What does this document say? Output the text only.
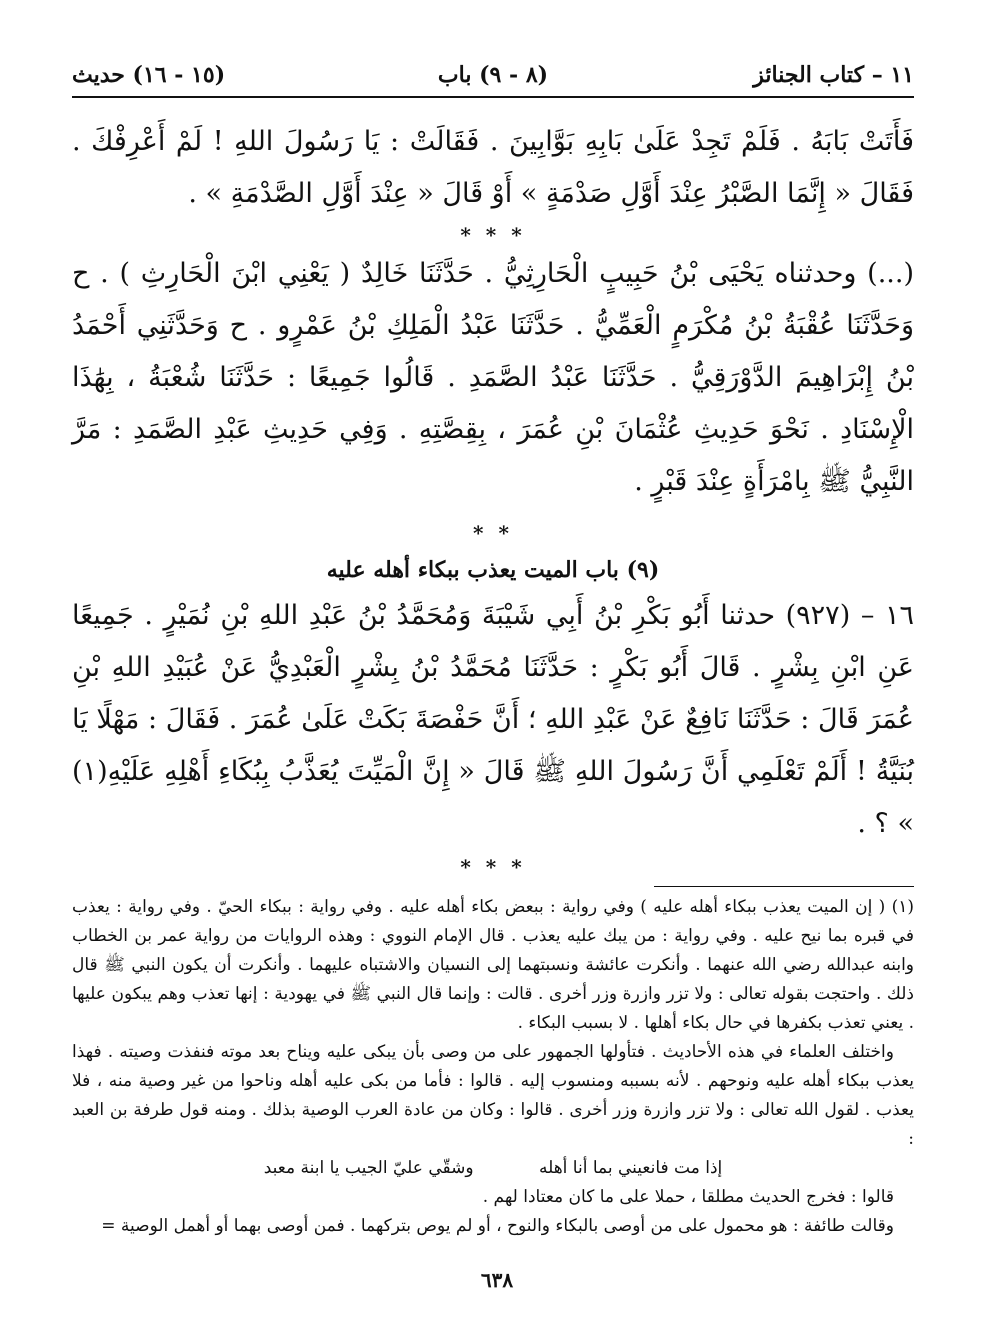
١١ – كتاب الجنائز
(٨ - ٩) باب
(١٥ - ١٦) حديث

فَأَتَتْ بَابَهُ . فَلَمْ تَجِدْ عَلَىٰ بَابِهِ بَوَّابِينَ . فَقَالَتْ : يَا رَسُولَ اللهِ ! لَمْ أَعْرِفْكَ . فَقَالَ « إِنَّمَا الصَّبْرُ عِنْدَ أَوَّلِ صَدْمَةٍ » أَوْ قَالَ « عِنْدَ أَوَّلِ الصَّدْمَةِ » .

* * *

(...) وحدثناه يَحْيَى بْنُ حَبِيبٍ الْحَارِثِيُّ . حَدَّثَنَا خَالِدٌ ( يَعْنِي ابْنَ الْحَارِثِ ) . ح وَحَدَّثَنَا عُقْبَةُ بْنُ مُكْرَمٍ الْعَمِّيُّ . حَدَّثَنَا عَبْدُ الْمَلِكِ بْنُ عَمْرٍو . ح وَحَدَّثَنِي أَحْمَدُ بْنُ إِبْرَاهِيمَ الدَّوْرَقِيُّ . حَدَّثَنَا عَبْدُ الصَّمَدِ . قَالُوا جَمِيعًا : حَدَّثَنَا شُعْبَةُ ، بِهَٰذَا الْإِسْنَادِ . نَحْوَ حَدِيثِ عُثْمَانَ بْنِ عُمَرَ ، بِقِصَّتِهِ . وَفِي حَدِيثِ عَبْدِ الصَّمَدِ : مَرَّ النَّبِيُّ ﷺ بِامْرَأَةٍ عِنْدَ قَبْرٍ .

* *
(٩) باب الميت يعذب ببكاء أهله عليه

١٦ – (٩٢٧) حدثنا أَبُو بَكْرِ بْنُ أَبِي شَيْبَةَ وَمُحَمَّدُ بْنُ عَبْدِ اللهِ بْنِ نُمَيْرٍ . جَمِيعًا عَنِ ابْنِ بِشْرٍ . قَالَ أَبُو بَكْرٍ : حَدَّثَنَا مُحَمَّدُ بْنُ بِشْرٍ الْعَبْدِيُّ عَنْ عُبَيْدِ اللهِ بْنِ عُمَرَ قَالَ : حَدَّثَنَا نَافِعٌ عَنْ عَبْدِ اللهِ ؛ أَنَّ حَفْصَةَ بَكَتْ عَلَىٰ عُمَرَ . فَقَالَ : مَهْلًا يَا بُنَيَّةُ ! أَلَمْ تَعْلَمِي أَنَّ رَسُولَ اللهِ ﷺ قَالَ « إِنَّ الْمَيِّتَ يُعَذَّبُ بِبُكَاءِ أَهْلِهِ عَلَيْهِ(١) » ؟ .

* * *

(١) ( إن الميت يعذب ببكاء أهله عليه ) وفي رواية : ببعض بكاء أهله عليه . وفي رواية : ببكاء الحيّ . وفي رواية : يعذب في قبره بما نيح عليه . وفي رواية : من يبك عليه يعذب . قال الإمام النووي : وهذه الروايات من رواية عمر بن الخطاب وابنه عبدالله رضي الله عنهما . وأنكرت عائشة ونسبتهما إلى النسيان والاشتباه عليهما . وأنكرت أن يكون النبي ﷺ قال ذلك . واحتجت بقوله تعالى : ولا تزر وازرة وزر أخرى . قالت : وإنما قال النبي ﷺ في يهودية : إنها تعذب وهم يبكون عليها . يعني تعذب بكفرها في حال بكاء أهلها . لا بسبب البكاء .

واختلف العلماء في هذه الأحاديث . فتأولها الجمهور على من وصى بأن يبكى عليه ويناح بعد موته فنفذت وصيته . فهذا يعذب ببكاء أهله عليه ونوحهم . لأنه بسببه ومنسوب إليه . قالوا : فأما من بكى عليه أهله وناحوا من غير وصية منه ، فلا يعذب . لقول الله تعالى : ولا تزر وازرة وزر أخرى . قالوا : وكان من عادة العرب الوصية بذلك . ومنه قول طرفة بن العبد :

إذا مت فانعيني بما أنا أهله وشقّي عليّ الجيب يا ابنة معبد

قالوا : فخرج الحديث مطلقا ، حملا على ما كان معتادا لهم .

وقالت طائفة : هو محمول على من أوصى بالبكاء والنوح ، أو لم يوص بتركهما . فمن أوصى بهما أو أهمل الوصية =

٦٣٨
